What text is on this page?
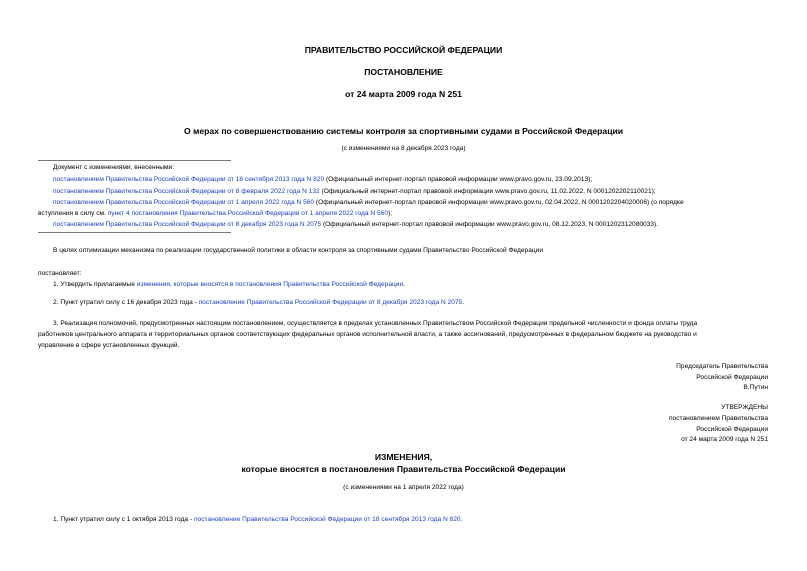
ПРАВИТЕЛЬСТВО РОССИЙСКОЙ ФЕДЕРАЦИИ
ПОСТАНОВЛЕНИЕ
от 24 марта 2009 года N 251
О мерах по совершенствованию системы контроля за спортивными судами в Российской Федерации
(с изменениями на 8 декабря 2023 года)
Документ с изменениями, внесенными:
постановлением Правительства Российской Федерации от 18 сентября 2013 года N 820 (Официальный интернет-портал правовой информации www.pravo.gov.ru, 23.09.2013);
постановлением Правительства Российской Федерации от 8 февраля 2022 года N 132 (Официальный интернет-портал правовой информации www.pravo.gov.ru, 11.02.2022, N 0001202202110021);
постановлением Правительства Российской Федерации от 1 апреля 2022 года N 560 (Официальный интернет-портал правовой информации www.pravo.gov.ru, 02.04.2022, N 0001202204020006) (о порядке
вступления в силу см. пункт 4 постановления Правительства Российской Федерации от 1 апреля 2022 года N 560);
постановлением Правительства Российской Федерации от 8 декабря 2023 года N 2075 (Официальный интернет-портал правовой информации www.pravo.gov.ru, 08.12.2023, N 0001202312080033).
В целях оптимизации механизма по реализации государственной политики в области контроля за спортивными судами Правительство Российской Федерации
постановляет:
1. Утвердить прилагаемые изменения, которые вносятся в постановления Правительства Российской Федерации.
2. Пункт утратил силу с 16 декабря 2023 года - постановление Правительства Российской Федерации от 8 декабря 2023 года N 2075.
3. Реализация полномочий, предусмотренных настоящим постановлением, осуществляется в пределах установленных Правительством Российской Федерации предельной численности и фонда оплаты труда
работников центрального аппарата и территориальных органов соответствующих федеральных органов исполнительной власти, а также ассигнований, предусмотренных в федеральном бюджете на руководство и
управление в сфере установленных функций.
Председатель Правительства
Российской Федерации
В.Путин
УТВЕРЖДЕНЫ
постановлением Правительства
Российской Федерации
от 24 марта 2009 года N 251
ИЗМЕНЕНИЯ,
которые вносятся в постановления Правительства Российской Федерации
(с изменениями на 1 апреля 2022 года)
1. Пункт утратил силу с 1 октября 2013 года - постановление Правительства Российской Федерации от 18 сентября 2013 года N 820.
